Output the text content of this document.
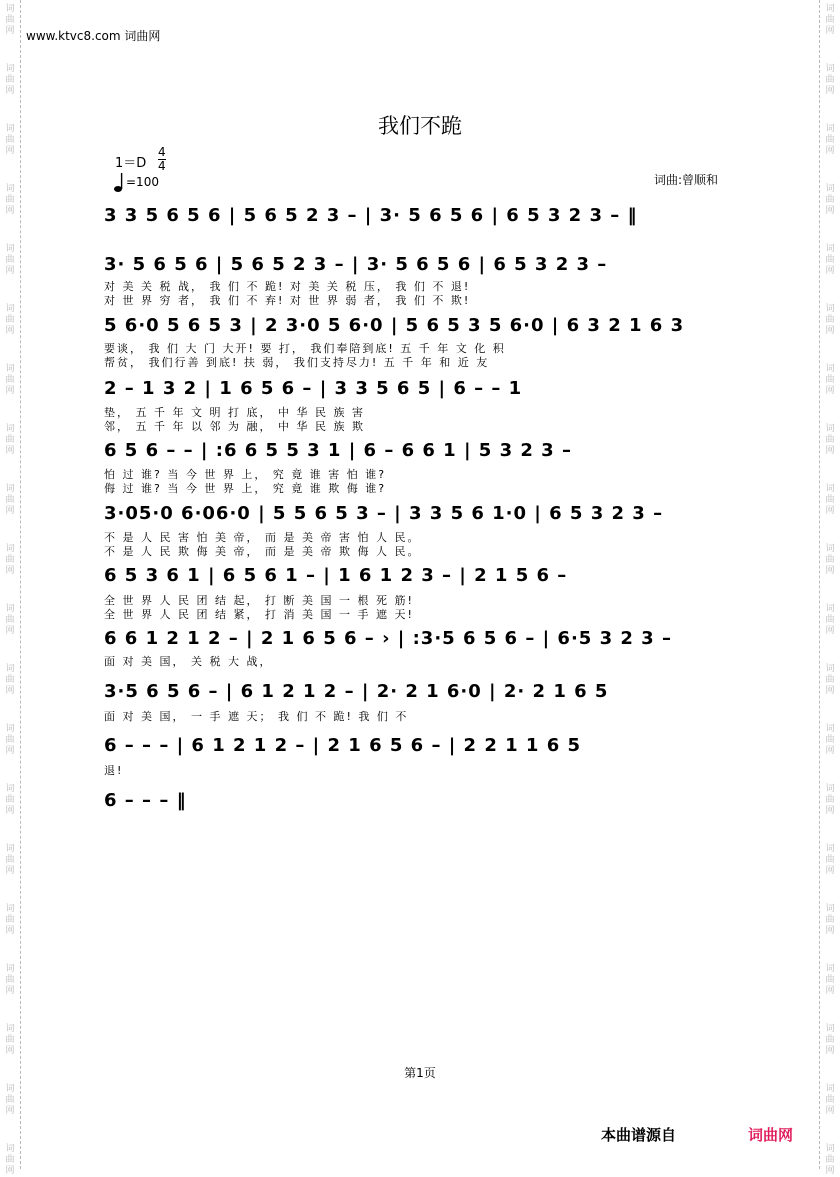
词
曲
网
词
曲
网
词
曲
网
词
曲
网
词
曲
网
词
曲
网
词
曲
网
词
曲
网
词
曲
网
词
曲
网
词
曲
网
词
曲
网
词
曲
网
词
曲
网
词
曲
网
词
曲
网
词
曲
网
词
曲
网
词
曲
网
词
曲
网
词
曲
网
词
曲
网
词
曲
网
词
曲
网
词
曲
网
词
曲
网
词
曲
网
词
曲
网
词
曲
网
词
曲
网
词
曲
网
词
曲
网
词
曲
网
词
曲
网
词
曲
网
词
曲
网
词
曲
网
词
曲
网
词
曲
网
词
曲
网
www.ktvc8.com 词曲网
我们不跪
1＝D
4
4
=100	词曲:曾顺和
3 3 5 6 5 6 | 5 6 5 2 3 – | 3· 5 6 5 6 | 6 5 3 2 3 – ‖
3· 5 6 5 6 | 5 6 5 2 3 – | 3· 5 6 5 6 | 6 5 3 2 3 –
对 美 关 税 战， 我 们 不 跪! 对 美 关 税 压， 我 们 不 退!
对 世 界 穷 者， 我 们 不 弃! 对 世 界 弱 者， 我 们 不 欺!
5 6·0 5 6 5 3 | 2 3·0 5 6·0 | 5 6 5 3 5 6·0 | 6 3 2 1 6 3
要谈， 我 们 大 门 大开! 要 打， 我们奉陪到底! 五 千 年 文 化 积
帮贫， 我们行善 到底! 扶 弱， 我们支持尽力! 五 千 年 和 近 友
2 – 1 3 2 | 1 6 5 6 – | 3 3 5 6 5 | 6 – – 1
垫， 五 千 年 文 明 打 底， 中 华 民 族 害
邻， 五 千 年 以 邻 为 融， 中 华 民 族 欺
6 5 6 – – | :6 6 5 5 3 1 | 6 – 6 6 1 | 5 3 2 3 –
怕 过 谁? 当 今 世 界 上， 究 竟 谁 害 怕 谁?
侮 过 谁? 当 今 世 界 上， 究 竟 谁 欺 侮 谁?
3·05·0 6·06·0 | 5 5 6 5 3 – | 3 3 5 6 1·0 | 6 5 3 2 3 –
不 是 人 民 害 怕 美 帝， 而 是 美 帝 害 怕 人 民。
不 是 人 民 欺 侮 美 帝， 而 是 美 帝 欺 侮 人 民。
6 5 3 6 1 | 6 5 6 1 – | 1 6 1 2 3 – | 2 1 5 6 –
全 世 界 人 民 团 结 起， 打 断 美 国 一 根 死 筋!
全 世 界 人 民 团 结 紧， 打 消 美 国 一 手 遮 天!
6 6 1 2 1 2 – | 2 1 6 5 6 – › | :3·5 6 5 6 – | 6·5 3 2 3 –
面 对 美 国， 关 税 大 战，
3·5 6 5 6 – | 6 1 2 1 2 – | 2· 2 1 6·0 | 2· 2 1 6 5
面 对 美 国， 一 手 遮 天； 我 们 不 跪! 我 们 不
6 – – – | 6 1 2 1 2 – | 2 1 6 5 6 – | 2 2 1 1 6 5
退!
6 – – – ‖
第1页
本曲谱源自	词曲网
